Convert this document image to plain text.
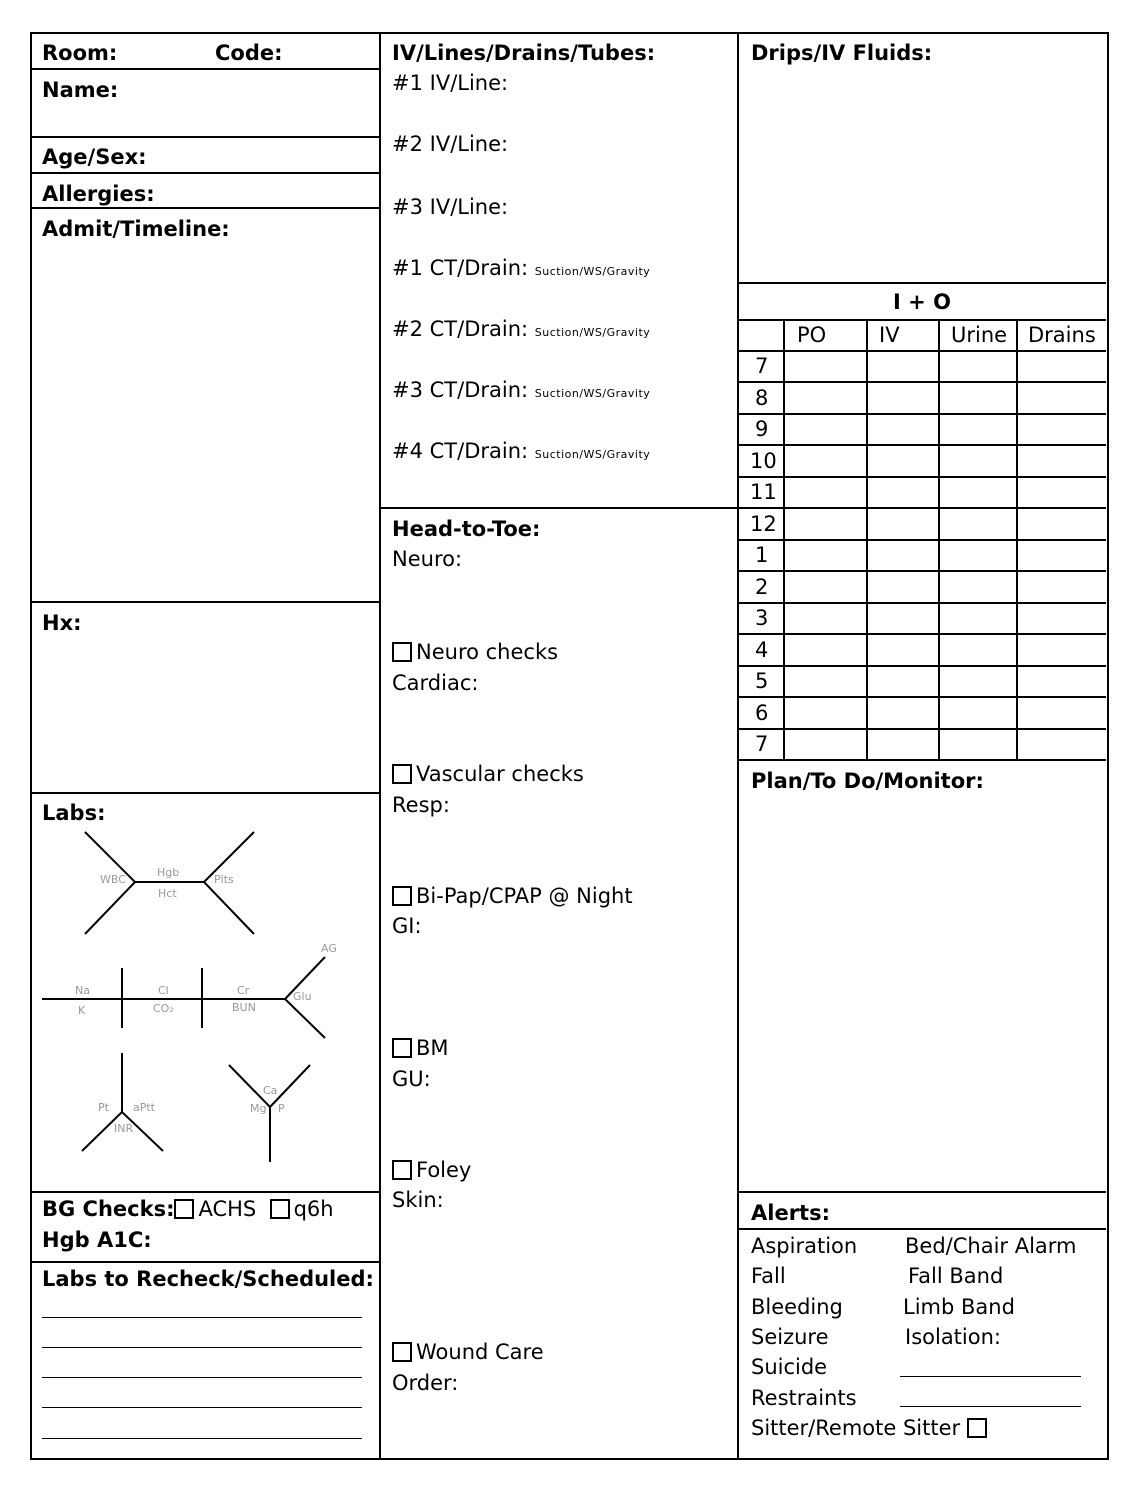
Room:	Code:
Name:
Age/Sex:
Allergies:
Admit/Timeline:
Hx:
Labs:
WBC
Hgb
Hct
Plts
Na
K
Cl
CO₂
Cr
BUN
Glu
AG
Pt aPtt
INR
Ca
Mg P
BG Checks: ACHS q6h
Hgb A1C:
Labs to Recheck/Scheduled:
IV/Lines/Drains/Tubes:
#1 IV/Line:
#2 IV/Line:
#3 IV/Line:
#1 CT/Drain: Suction/WS/Gravity
#2 CT/Drain: Suction/WS/Gravity
#3 CT/Drain: Suction/WS/Gravity
#4 CT/Drain: Suction/WS/Gravity
Head-to-Toe:
Neuro:
Neuro checks
Cardiac:
Vascular checks
Resp:
Bi-Pap/CPAP @ Night
GI:
BM
GU:
Foley
Skin:
Wound Care
Order:
Drips/IV Fluids:
I + O
PO	IV Urine Drains
7
8
9
10
11
12
1
2
3
4
5
6
7
Plan/To Do/Monitor:
Alerts:
Aspiration
Fall
Bleeding
Seizure
Suicide
Restraints
Bed/Chair Alarm
Fall Band
Limb Band
Isolation:
Sitter/Remote Sitter
